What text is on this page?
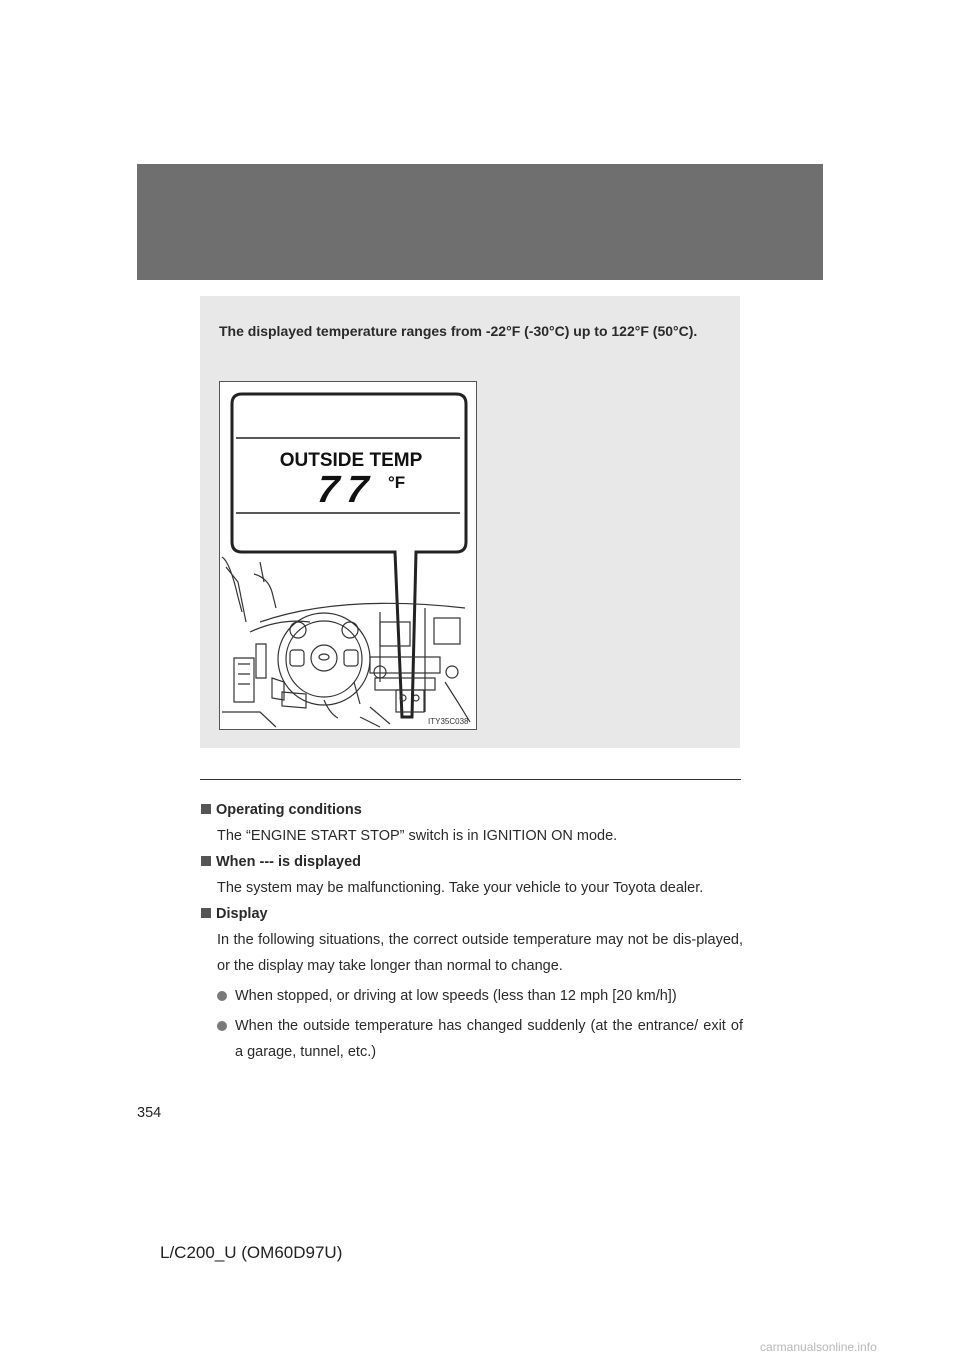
The displayed temperature ranges from -22°F (-30°C) up to 122°F (50°C).
OUTSIDE TEMP
77 °F
ITY35C038

Operating conditions

The “ENGINE START STOP” switch is in IGNITION ON mode.

When --- is displayed

The system may be malfunctioning. Take your vehicle to your Toyota dealer.

Display

In the following situations, the correct outside temperature may not be dis-played, or the display may take longer than normal to change.

When stopped, or driving at low speeds (less than 12 mph [20 km/h])
When the outside temperature has changed suddenly (at the entrance/ exit of a garage, tunnel, etc.)
354
L/C200_U (OM60D97U)
carmanualsonline.info
